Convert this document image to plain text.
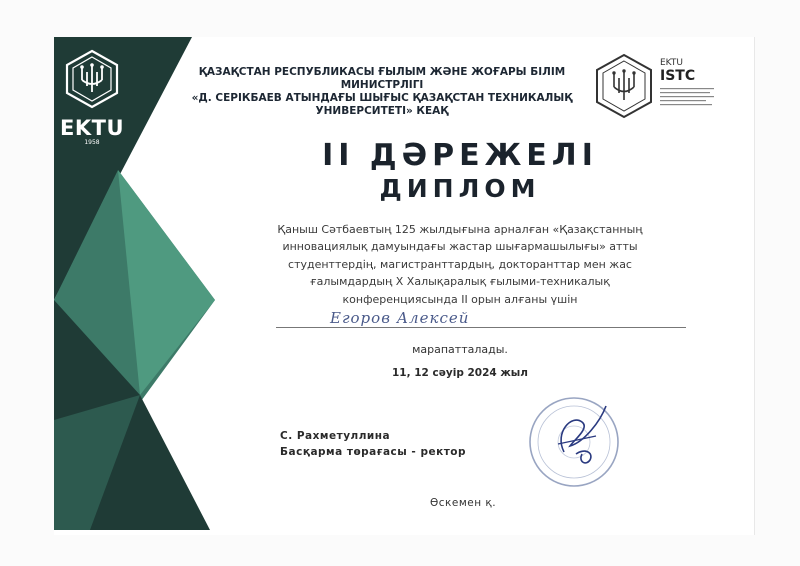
EKTU
1958
ҚАЗАҚСТАН РЕСПУБЛИКАСЫ ҒЫЛЫМ ЖӘНЕ ЖОҒАРЫ БІЛІМ МИНИСТРЛІГІ
«Д. СЕРІКБАЕВ АТЫНДАҒЫ ШЫҒЫС ҚАЗАҚСТАН ТЕХНИКАЛЫҚ
УНИВЕРСИТЕТІ» КЕАҚ
EKTU
ISTC
II ДӘРЕЖЕЛІ
ДИПЛОМ
Қаныш Сәтбаевтың 125 жылдығына арналған «Қазақстанның
инновациялық дамуындағы жастар шығармашылығы» атты
студенттердің, магистранттардың, докторанттар мен жас
ғалымдардың Х Халықаралық ғылыми-техникалық
конференциясында II орын алғаны үшін
Егоров Алексей
марапатталады.
11, 12 сәуір 2024 жыл
С. Рахметуллина
Басқарма төрағасы - ректор
Өскемен қ.
